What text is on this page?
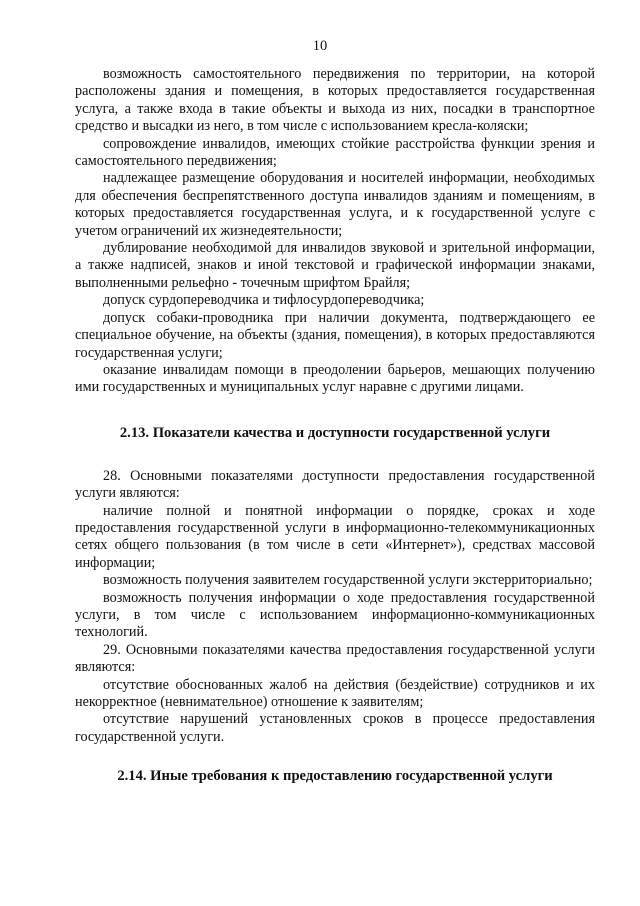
10

возможность самостоятельного передвижения по территории, на которой расположены здания и помещения, в которых предоставляется государственная услуга, а также входа в такие объекты и выхода из них, посадки в транспортное средство и высадки из него, в том числе с использованием кресла-коляски;

сопровождение инвалидов, имеющих стойкие расстройства функции зрения и самостоятельного передвижения;

надлежащее размещение оборудования и носителей информации, необходимых для обеспечения беспрепятственного доступа инвалидов зданиям и помещениям, в которых предоставляется государственная услуга, и к государственной услуге с учетом ограничений их жизнедеятельности;

дублирование необходимой для инвалидов звуковой и зрительной информации, а также надписей, знаков и иной текстовой и графической информации знаками, выполненными рельефно - точечным шрифтом Брайля;

допуск сурдопереводчика и тифлосурдопереводчика;

допуск собаки-проводника при наличии документа, подтверждающего ее специальное обучение, на объекты (здания, помещения), в которых предоставляются государственная услуги;

оказание инвалидам помощи в преодолении барьеров, мешающих получению ими государственных и муниципальных услуг наравне с другими лицами.

2.13. Показатели качества и доступности государственной услуги

28. Основными показателями доступности предоставления государственной услуги являются:

наличие полной и понятной информации о порядке, сроках и ходе предоставления государственной услуги в информационно-телекоммуникационных сетях общего пользования (в том числе в сети «Интернет»), средствах массовой информации;

возможность получения заявителем государственной услуги экстерриториально;

возможность получения информации о ходе предоставления государственной услуги, в том числе с использованием информационно-коммуникационных технологий.

29. Основными показателями качества предоставления государственной услуги являются:

отсутствие обоснованных жалоб на действия (бездействие) сотрудников и их некорректное (невнимательное) отношение к заявителям;

отсутствие нарушений установленных сроков в процессе предоставления государственной услуги.

2.14. Иные требования к предоставлению государственной услуги
